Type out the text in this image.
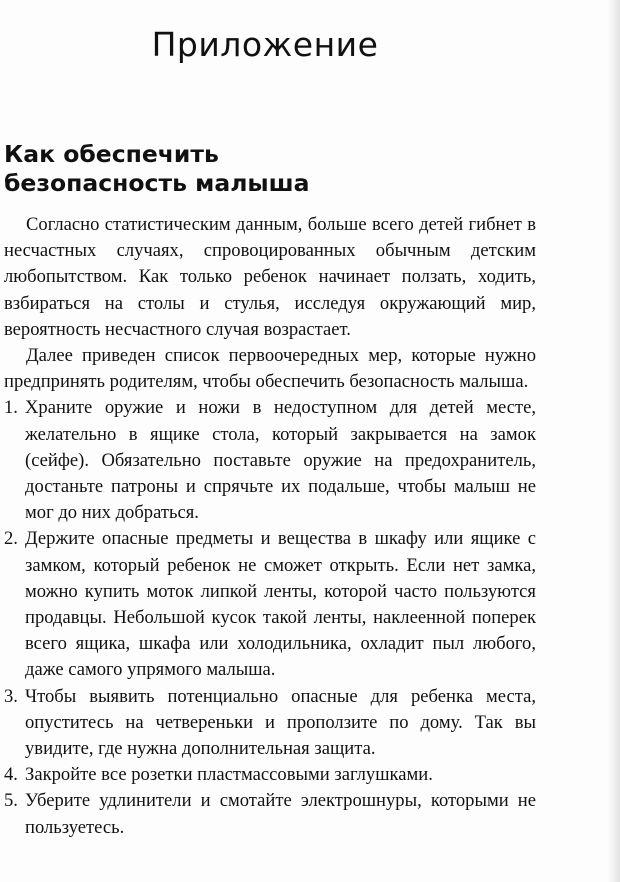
Приложение
Как обеспечить
безопасность малыша

Согласно статистическим данным, больше всего детей гибнет в несчастных случаях, спровоцированных обычным детским любопытством. Как только ребенок начинает ползать, ходить, взбираться на столы и стулья, исследуя окружающий мир, вероятность несчастного случая возрастает.

Далее приведен список первоочередных мер, которые нужно предпринять родителям, чтобы обеспечить безопасность малыша.

1. Храните оружие и ножи в недоступном для детей месте, желательно в ящике стола, который закрывается на замок (сейфе). Обязательно поставьте оружие на предохранитель, достаньте патроны и спрячьте их подальше, чтобы малыш не мог до них добраться.
2. Держите опасные предметы и вещества в шкафу или ящике с замком, который ребенок не сможет открыть. Если нет замка, можно купить моток липкой ленты, которой часто пользуются продавцы. Небольшой кусок такой ленты, наклеенной поперек всего ящика, шкафа или холодильника, охладит пыл любого, даже самого упрямого малыша.
3. Чтобы выявить потенциально опасные для ребенка места, опуститесь на четвереньки и проползите по дому. Так вы увидите, где нужна дополнительная защита.
4. Закройте все розетки пластмассовыми заглушками.
5. Уберите удлинители и смотайте электрошнуры, которыми не пользуетесь.
